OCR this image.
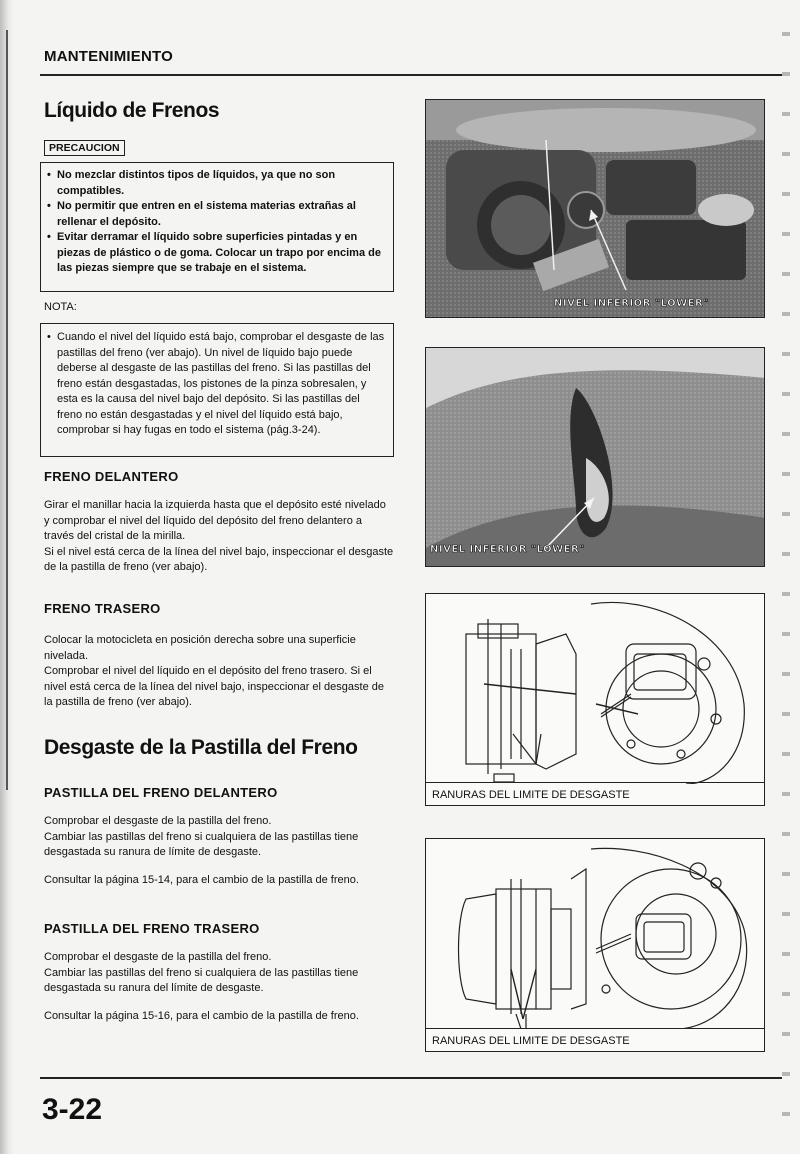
MANTENIMIENTO
Líquido de Frenos
PRECAUCION
• No mezclar distintos tipos de líquidos, ya que no son compatibles.
• No permitir que entren en el sistema materias extrañas al rellenar el depósito.
• Evitar derramar el líquido sobre superficies pintadas y en piezas de plástico o de goma. Colocar un trapo por encima de las piezas siempre que se trabaje en el sistema.
NOTA:
• Cuando el nivel del líquido está bajo, comprobar el desgaste de las pastillas del freno (ver abajo). Un nivel de líquido bajo puede deberse al desgaste de las pastillas del freno. Si las pastillas del freno están desgastadas, los pistones de la pinza sobresalen, y esta es la causa del nivel bajo del depósito. Si las pastillas del freno no están desgastadas y el nivel del líquido está bajo, comprobar si hay fugas en todo el sistema (pág.3-24).
FRENO DELANTERO
Girar el manillar hacia la izquierda hasta que el depósito esté nivelado y comprobar el nivel del líquido del depósito del freno delantero a través del cristal de la mirilla.
Si el nivel está cerca de la línea del nivel bajo, inspeccionar el desgaste de la pastilla de freno (ver abajo).
FRENO TRASERO
Colocar la motocicleta en posición derecha sobre una superficie nivelada.
Comprobar el nivel del líquido en el depósito del freno trasero. Si el nivel está cerca de la línea del nivel bajo, inspeccionar el desgaste de la pastilla de freno (ver abajo).
Desgaste de la Pastilla del Freno
PASTILLA DEL FRENO DELANTERO
Comprobar el desgaste de la pastilla del freno.
Cambiar las pastillas del freno si cualquiera de las pastillas tiene desgastada su ranura de límite de desgaste.
Consultar la página 15-14, para el cambio de la pastilla de freno.
PASTILLA DEL FRENO TRASERO
Comprobar el desgaste de la pastilla del freno.
Cambiar las pastillas del freno si cualquiera de las pastillas tiene desgastada su ranura del límite de desgaste.
Consultar la página 15-16, para el cambio de la pastilla de freno.
3-22
NIVEL INFERIOR "LOWER"
NIVEL INFERIOR "LOWER"
RANURAS DEL LIMITE DE DESGASTE
RANURAS DEL LIMITE DE DESGASTE
